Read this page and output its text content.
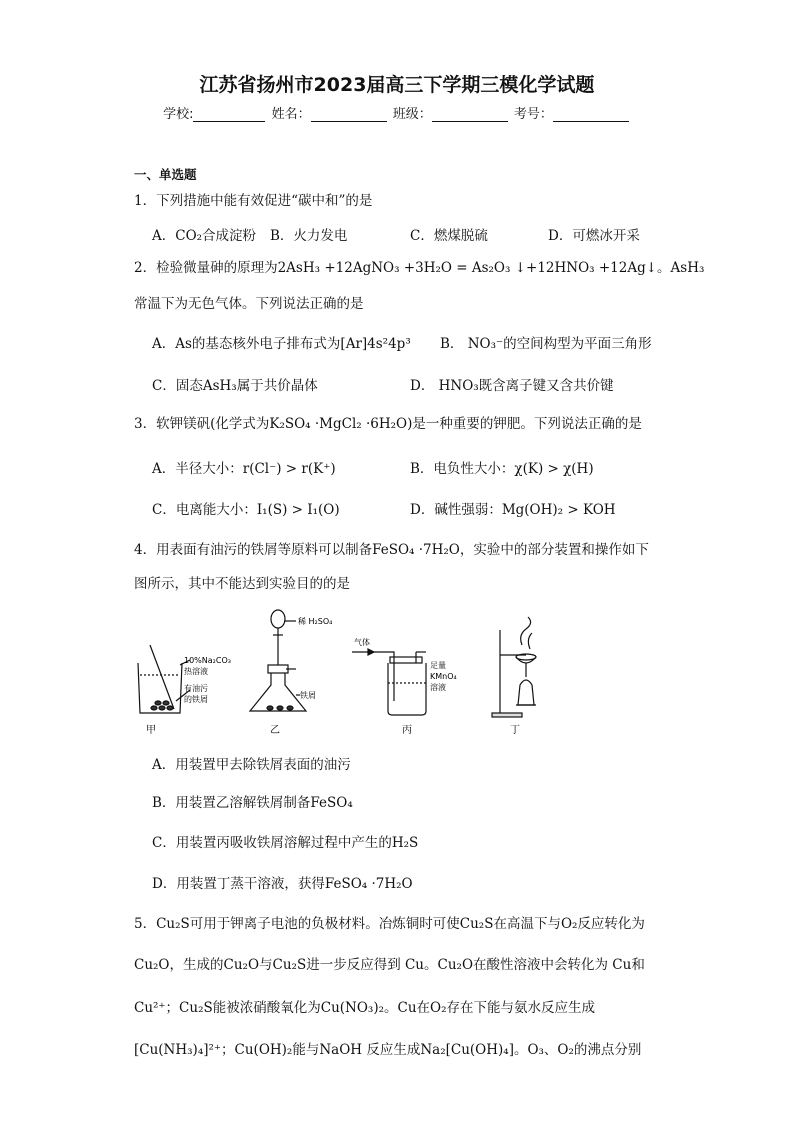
江苏省扬州市2023届高三下学期三模化学试题
学校:	姓名：	班级：	考号：
一、单选题
1．下列措施中能有效促进“碳中和”的是
A．CO₂合成淀粉 B．火力发电	C．燃煤脱硫	D．可燃冰开采
2．检验微量砷的原理为2AsH₃ +12AgNO₃ +3H₂O = As₂O₃ ↓+12HNO₃ +12Ag↓。AsH₃
常温下为无色气体。下列说法正确的是
A．As的基态核外电子排布式为[Ar]4s²4p³ B． NO₃⁻的空间构型为平面三角形
C．固态AsH₃属于共价晶体	D． HNO₃既含离子键又含共价键
3．软钾镁矾(化学式为K₂SO₄ ·MgCl₂ ·6H₂O)是一种重要的钾肥。下列说法正确的是
A．半径大小：r(Cl⁻) > r(K⁺)	B．电负性大小：χ(K) > χ(H)
C．电离能大小：I₁(S) > I₁(O)	D．碱性强弱：Mg(OH)₂ > KOH
4．用表面有油污的铁屑等原料可以制备FeSO₄ ·7H₂O，实验中的部分装置和操作如下
图所示，其中不能达到实验目的的是
10%Na₂CO₃
热溶液
有油污
的铁屑
稀 H₂SO₄
铁屑
气体
足量
KMnO₄
溶液
甲	乙	丙	丁
A．用装置甲去除铁屑表面的油污
B．用装置乙溶解铁屑制备FeSO₄
C．用装置丙吸收铁屑溶解过程中产生的H₂S
D．用装置丁蒸干溶液，获得FeSO₄ ·7H₂O
5．Cu₂S可用于钾离子电池的负极材料。冶炼铜时可使Cu₂S在高温下与O₂反应转化为
Cu₂O，生成的Cu₂O与Cu₂S进一步反应得到 Cu。Cu₂O在酸性溶液中会转化为 Cu和
Cu²⁺；Cu₂S能被浓硝酸氧化为Cu(NO₃)₂。Cu在O₂存在下能与氨水反应生成
[Cu(NH₃)₄]²⁺；Cu(OH)₂能与NaOH 反应生成Na₂[Cu(OH)₄]。O₃、O₂的沸点分别
